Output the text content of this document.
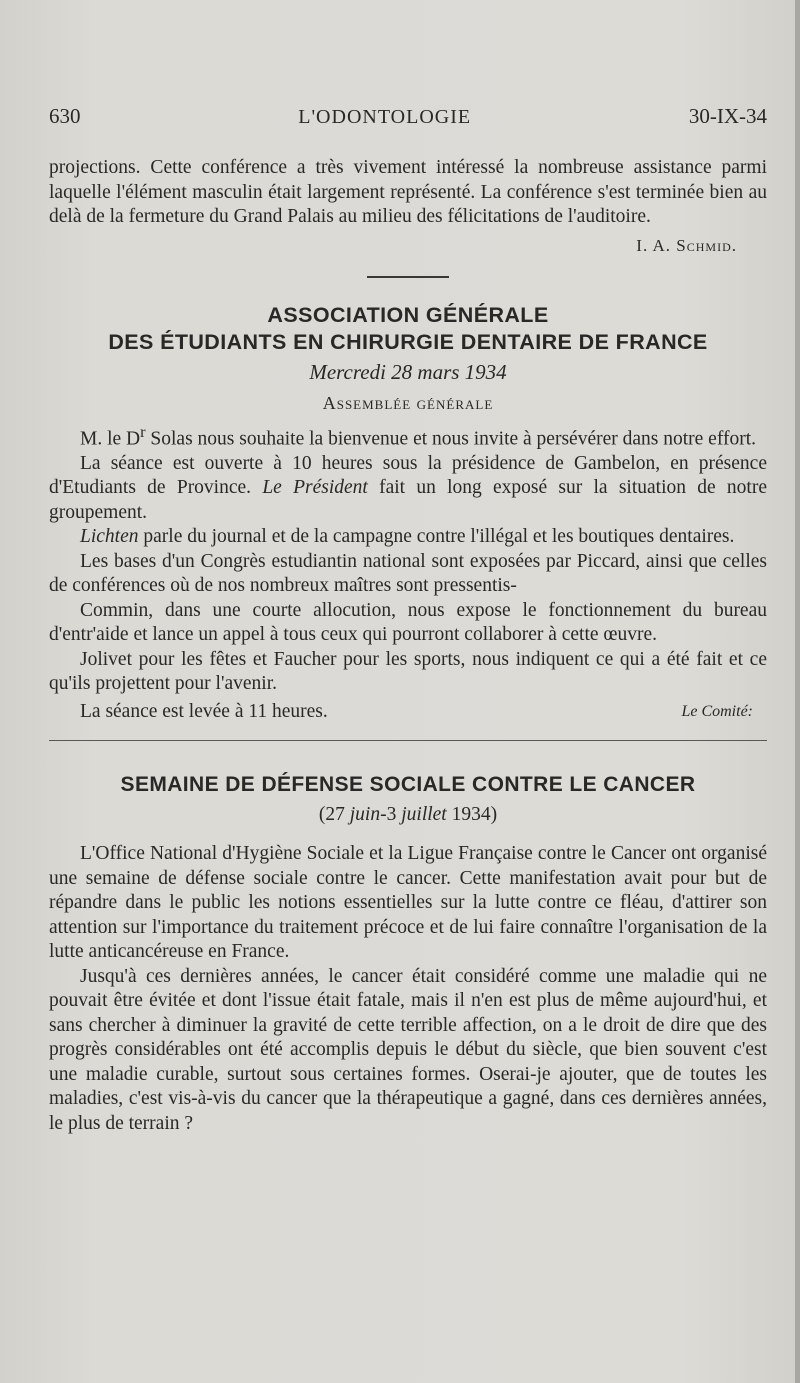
630	L'ODONTOLOGIE	30-IX-34

projections. Cette conférence a très vivement intéressé la nombreuse assistance parmi laquelle l'élément masculin était largement représenté. La conférence s'est terminée bien au delà de la fermeture du Grand Palais au milieu des félicitations de l'auditoire.

I. A. Schmid.
ASSOCIATION GÉNÉRALE
DES ÉTUDIANTS EN CHIRURGIE DENTAIRE DE FRANCE
Mercredi 28 mars 1934
Assemblée générale

M. le $D^r$ Solas nous souhaite la bienvenue et nous invite à persévérer dans notre effort.

La séance est ouverte à 10 heures sous la présidence de Gambelon, en présence d'Etudiants de Province. Le Président fait un long exposé sur la situation de notre groupement.

Lichten parle du journal et de la campagne contre l'illégal et les boutiques dentaires.

Les bases d'un Congrès estudiantin national sont exposées par Piccard, ainsi que celles de conférences où de nos nombreux maîtres sont pressentis-

Commin, dans une courte allocution, nous expose le fonctionnement du bureau d'entr'aide et lance un appel à tous ceux qui pourront collaborer à cette œuvre.

Jolivet pour les fêtes et Faucher pour les sports, nous indiquent ce qui a été fait et ce qu'ils projettent pour l'avenir.

La séance est levée à 11 heures.	Le Comité:
SEMAINE DE DÉFENSE SOCIALE CONTRE LE CANCER
(27 juin-3 juillet 1934)

L'Office National d'Hygiène Sociale et la Ligue Française contre le Cancer ont organisé une semaine de défense sociale contre le cancer. Cette manifestation avait pour but de répandre dans le public les notions essentielles sur la lutte contre ce fléau, d'attirer son attention sur l'importance du traitement précoce et de lui faire connaître l'organisation de la lutte anticancéreuse en France.

Jusqu'à ces dernières années, le cancer était considéré comme une maladie qui ne pouvait être évitée et dont l'issue était fatale, mais il n'en est plus de même aujourd'hui, et sans chercher à diminuer la gravité de cette terrible affection, on a le droit de dire que des progrès considérables ont été accomplis depuis le début du siècle, que bien souvent c'est une maladie curable, surtout sous certaines formes. Oserai-je ajouter, que de toutes les maladies, c'est vis-à-vis du cancer que la thérapeutique a gagné, dans ces dernières années, le plus de terrain ?
